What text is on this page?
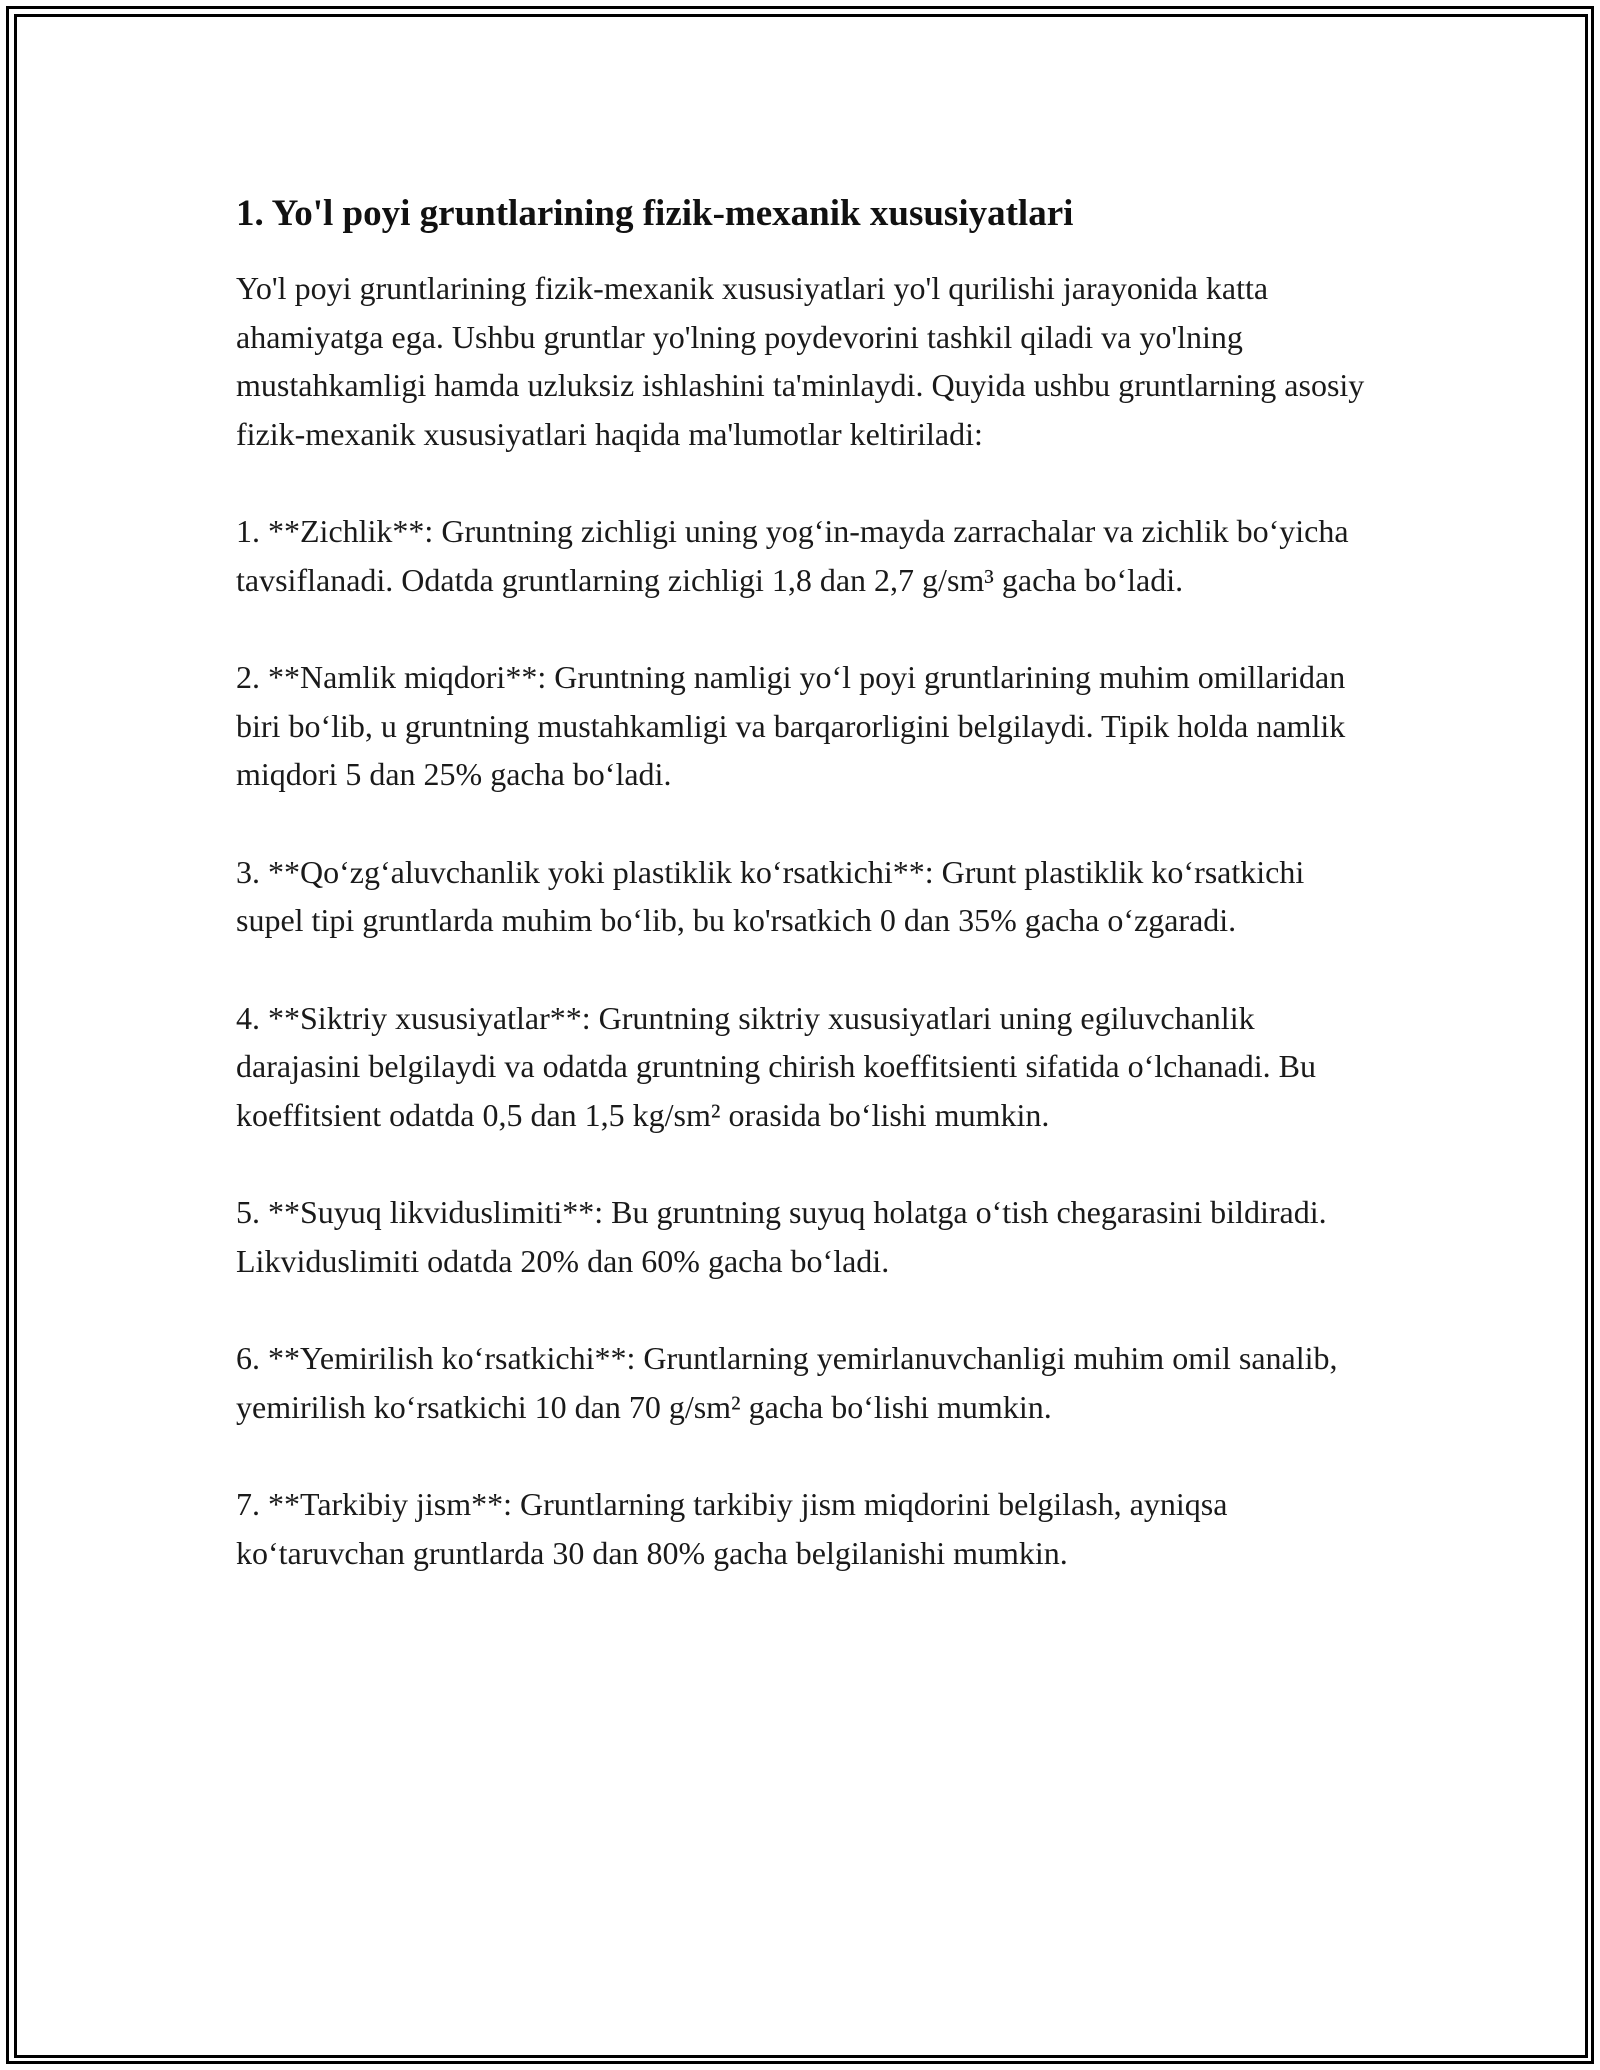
1. Yo'l poyi gruntlarining fizik-mexanik xususiyatlari

Yo'l poyi gruntlarining fizik-mexanik xususiyatlari yo'l qurilishi jarayonida katta ahamiyatga ega. Ushbu gruntlar yo'lning poydevorini tashkil qiladi va yo'lning mustahkamligi hamda uzluksiz ishlashini ta'minlaydi. Quyida ushbu gruntlarning asosiy fizik-mexanik xususiyatlari haqida ma'lumotlar keltiriladi:

1. **Zichlik**: Gruntning zichligi uning yog‘in-mayda zarrachalar va zichlik bo‘yicha tavsiflanadi. Odatda gruntlarning zichligi 1,8 dan 2,7 g/sm³ gacha bo‘ladi.

2. **Namlik miqdori**: Gruntning namligi yo‘l poyi gruntlarining muhim omillaridan biri bo‘lib, u gruntning mustahkamligi va barqarorligini belgilaydi. Tipik holda namlik miqdori 5 dan 25% gacha bo‘ladi.

3. **Qo‘zg‘aluvchanlik yoki plastiklik ko‘rsatkichi**: Grunt plastiklik ko‘rsatkichi supel tipi gruntlarda muhim bo‘lib, bu ko'rsatkich 0 dan 35% gacha o‘zgaradi.

4. **Siktriy xususiyatlar**: Gruntning siktriy xususiyatlari uning egiluvchanlik darajasini belgilaydi va odatda gruntning chirish koeffitsienti sifatida o‘lchanadi. Bu koeffitsient odatda 0,5 dan 1,5 kg/sm² orasida bo‘lishi mumkin.

5. **Suyuq likviduslimiti**: Bu gruntning suyuq holatga o‘tish chegarasini bildiradi. Likviduslimiti odatda 20% dan 60% gacha bo‘ladi.

6. **Yemirilish ko‘rsatkichi**: Gruntlarning yemirlanuvchanligi muhim omil sanalib, yemirilish ko‘rsatkichi 10 dan 70 g/sm² gacha bo‘lishi mumkin.

7. **Tarkibiy jism**: Gruntlarning tarkibiy jism miqdorini belgilash, ayniqsa ko‘taruvchan gruntlarda 30 dan 80% gacha belgilanishi mumkin.
